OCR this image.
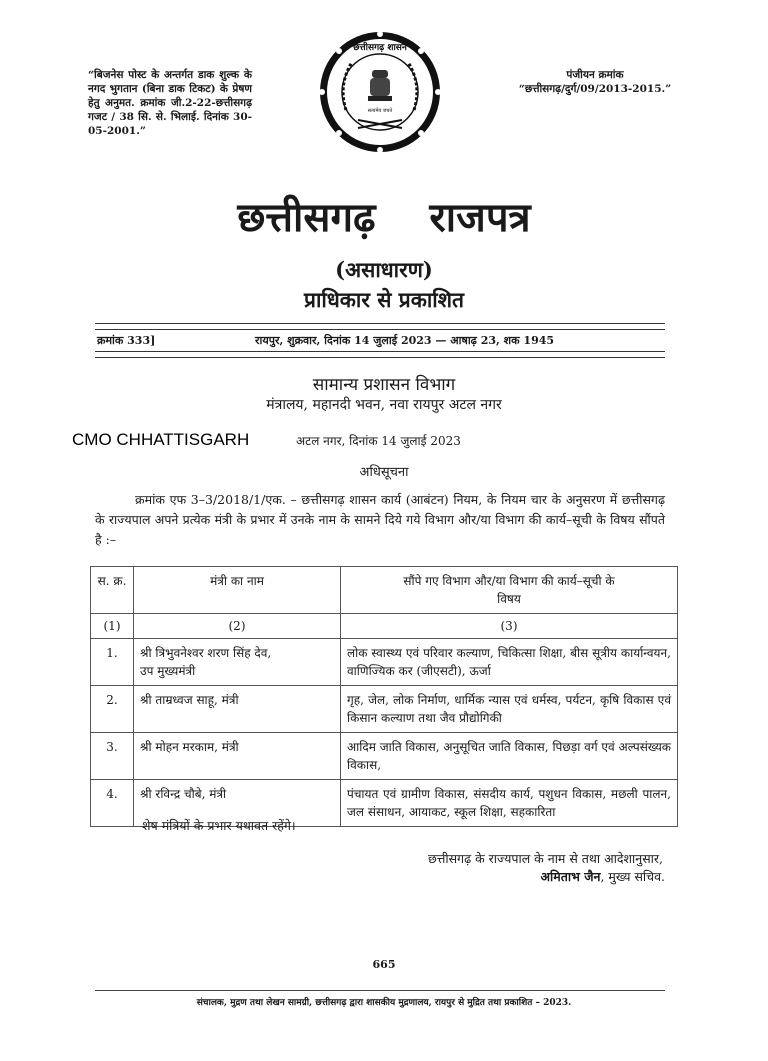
“बिजनेस पोस्ट के अन्तर्गत डाक शुल्क के नगद भुगतान (बिना डाक टिकट) के प्रेषण हेतु अनुमत. क्रमांक जी.2-22-छत्तीसगढ़ गजट / 38 सि. से. भिलाई. दिनांक 30-05-2001.”
सत्यमेव जयते
छत्तीसगढ़ शासन
पंजीयन क्रमांक
“छत्तीसगढ़/दुर्ग/09/2013-2015.”
छत्तीसगढ़ राजपत्र
(असाधारण)
प्राधिकार से प्रकाशित
क्रमांक 333]	रायपुर, शुक्रवार, दिनांक 14 जुलाई 2023 — आषाढ़ 23, शक 1945
सामान्य प्रशासन विभाग
मंत्रालय, महानदी भवन, नवा रायपुर अटल नगर
CMO CHHATTISGARH	अटल नगर, दिनांक 14 जुलाई 2023
अधिसूचना
क्रमांक एफ 3–3/2018/1/एक. – छत्तीसगढ़ शासन कार्य (आबंटन) नियम, के नियम चार के अनुसरण में छत्तीसगढ़ के राज्यपाल अपने प्रत्येक मंत्री के प्रभार में उनके नाम के सामने दिये गये विभाग और/या विभाग की कार्य–सूची के विषय सौंपते है :–
स. क्र.	मंत्री का नाम	सौंपे गए विभाग और/या विभाग की कार्य–सूची के विषय
(1)	(2)	(3)
1.	श्री त्रिभुवनेश्वर शरण सिंह देव, उप मुख्यमंत्री	लोक स्वास्थ्य एवं परिवार कल्याण, चिकित्सा शिक्षा, बीस सूत्रीय कार्यान्वयन, वाणिज्यिक कर (जीएसटी), ऊर्जा
2.	श्री ताम्रध्वज साहू, मंत्री	गृह, जेल, लोक निर्माण, धार्मिक न्यास एवं धर्मस्व, पर्यटन, कृषि विकास एवं किसान कल्याण तथा जैव प्रौद्योगिकी
3.	श्री मोहन मरकाम, मंत्री	आदिम जाति विकास, अनुसूचित जाति विकास, पिछड़ा वर्ग एवं अल्पसंख्यक विकास,
4.	श्री रविन्द्र चौबे, मंत्री	पंचायत एवं ग्रामीण विकास, संसदीय कार्य, पशुधन विकास, मछली पालन, जल संसाधन, आयाकट, स्कूल शिक्षा, सहकारिता
शेष मंत्रियों के प्रभार यथावत रहेंगे।
छत्तीसगढ़ के राज्यपाल के नाम से तथा आदेशानुसार,
अमिताभ जैन, मुख्य सचिव.
665
संचालक, मुद्रण तथा लेखन सामग्री, छत्तीसगढ़ द्वारा शासकीय मुद्रणालय, रायपुर से मुद्रित तथा प्रकाशित – 2023.
